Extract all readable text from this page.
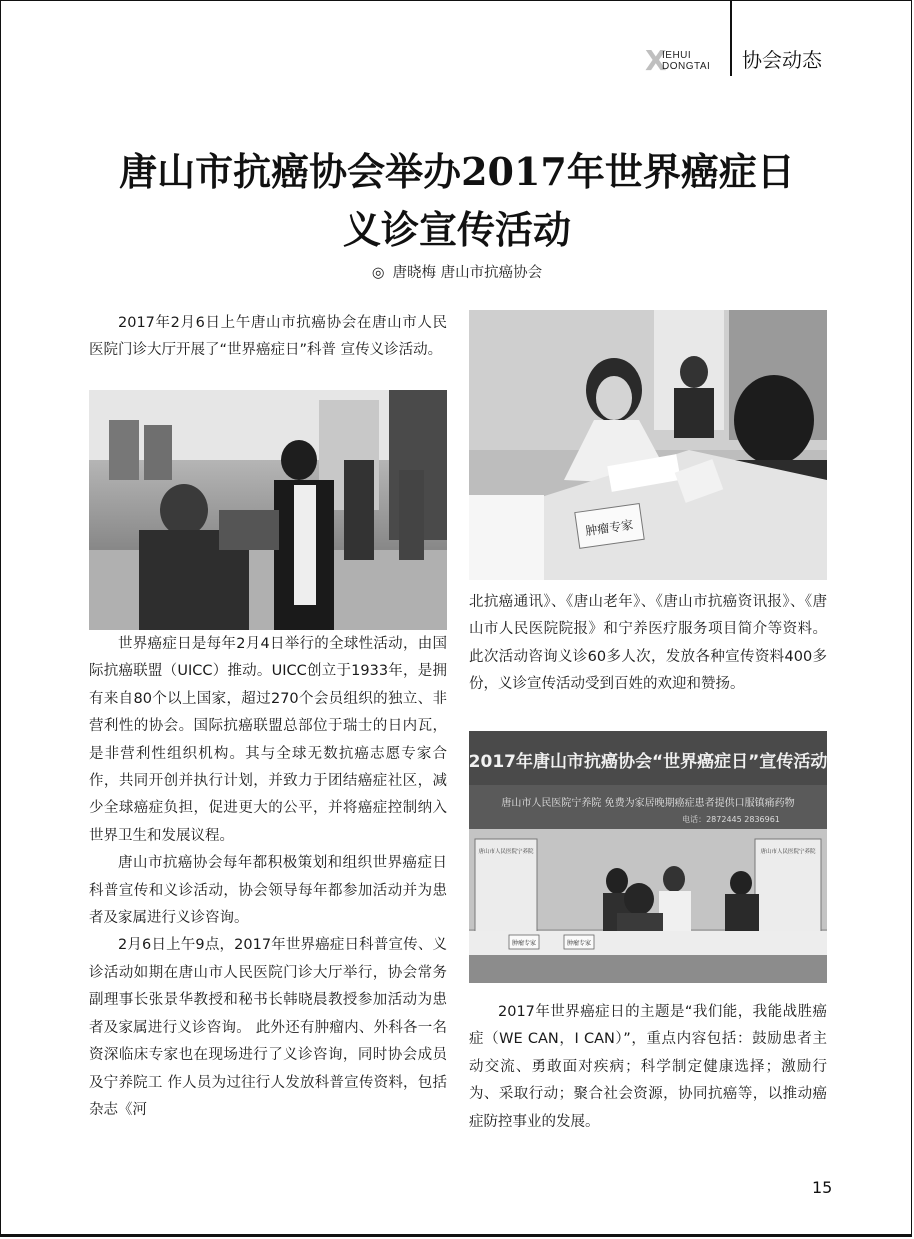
X
IEHUI
DONGTAI 协会动态
唐山市抗癌协会举办2017年世界癌症日
义诊宣传活动
◎ 唐晓梅 唐山市抗癌协会

2017年2月6日上午唐山市抗癌协会在唐山市人民医院门诊大厅开展了“世界癌症日”科普 宣传义诊活动。

世界癌症日是每年2月4日举行的全球性活动，由国际抗癌联盟（UICC）推动。UICC创立于1933年，是拥有来自80个以上国家，超过270个会员组织的独立、非营利性的协会。国际抗癌联盟总部位于瑞士的日内瓦，是非营利性组织机构。其与全球无数抗癌志愿专家合作，共同开创并执行计划，并致力于团结癌症社区，减少全球癌症负担，促进更大的公平，并将癌症控制纳入世界卫生和发展议程。

唐山市抗癌协会每年都积极策划和组织世界癌症日科普宣传和义诊活动，协会领导每年都参加活动并为患者及家属进行义诊咨询。

2月6日上午9点，2017年世界癌症日科普宣传、义诊活动如期在唐山市人民医院门诊大厅举行，协会常务副理事长张景华教授和秘书长韩晓晨教授参加活动为患者及家属进行义诊咨询。 此外还有肿瘤内、外科各一名资深临床专家也在现场进行了义诊咨询，同时协会成员及宁养院工 作人员为过往行人发放科普宣传资料，包括杂志《河

肿瘤专家

北抗癌通讯》、《唐山老年》、《唐山市抗癌资讯报》、《唐山市人民医院院报》和宁养医疗服务项目简介等资料。此次活动咨询义诊60多人次，发放各种宣传资料400多份，义诊宣传活动受到百姓的欢迎和赞扬。

2017年唐山市抗癌协会“世界癌症日”宣传活动
唐山市人民医院宁养院 免费为家居晚期癌症患者提供口服镇痛药物
电话：2872445 2836961
唐山市人民医院宁养院	唐山市人民医院宁养院
肿瘤专家	肿瘤专家

2017年世界癌症日的主题是“我们能，我能战胜癌症（WE CAN，I CAN）”，重点内容包括：鼓励患者主动交流、勇敢面对疾病；科学制定健康选择；激励行为、采取行动；聚合社会资源，协同抗癌等，以推动癌症防控事业的发展。

15
